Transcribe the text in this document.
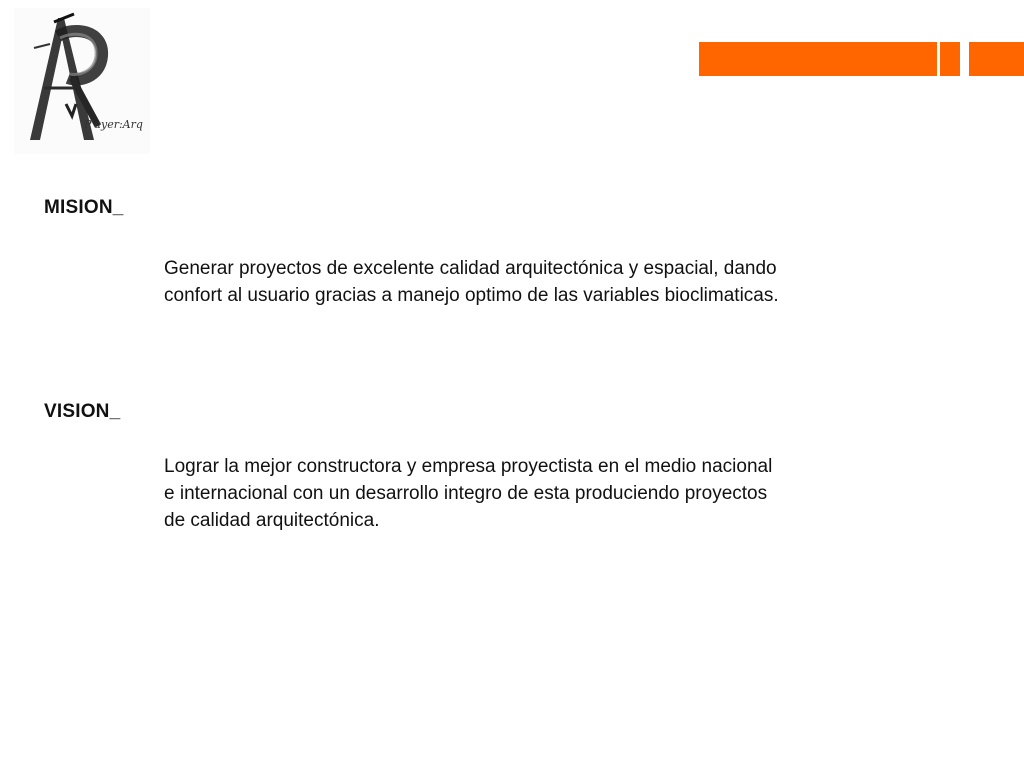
P'ayer:Arq
MISION_
Generar proyectos de excelente calidad arquitectónica y espacial, dando
confort al usuario gracias a manejo optimo de las variables bioclimaticas.
VISION_
Lograr la mejor constructora y empresa proyectista en el medio nacional
e internacional con un desarrollo integro de esta produciendo proyectos
de calidad arquitectónica.
